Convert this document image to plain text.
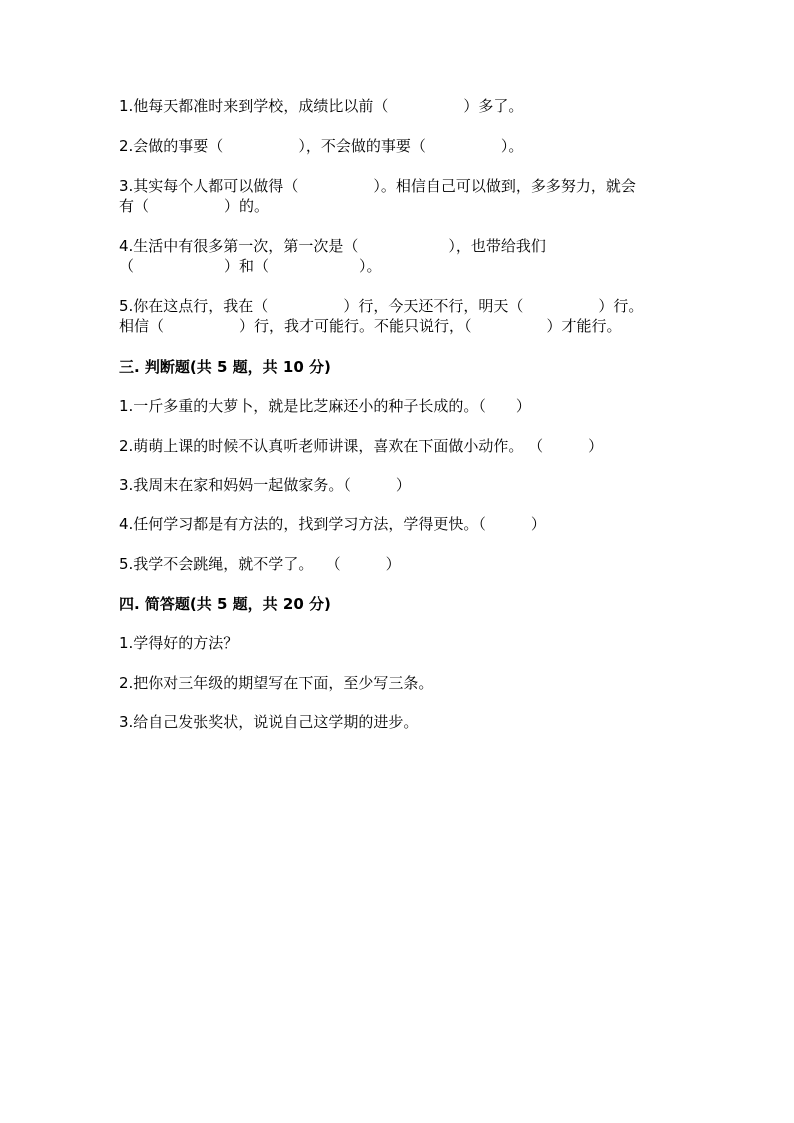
1.他每天都准时来到学校，成绩比以前（　　　　　）多了。
2.会做的事要（　　　　　），不会做的事要（　　　　　）。
3.其实每个人都可以做得（　　　　　）。相信自己可以做到，多多努力，就会
有（　　　　　）的。
4.生活中有很多第一次，第一次是（　　　　　　），也带给我们
（　　　　　　）和（　　　　　　）。
5.你在这点行，我在（　　　　　）行，今天还不行，明天（　　　　　）行。
相信（　　　　　）行，我才可能行。不能只说行，（　　　　　）才能行。
三. 判断题(共 5 题，共 10 分)
1.一斤多重的大萝卜，就是比芝麻还小的种子长成的。（　　）
2.萌萌上课的时候不认真听老师讲课，喜欢在下面做小动作。 （　　　）
3.我周末在家和妈妈一起做家务。（　　　）
4.任何学习都是有方法的，找到学习方法，学得更快。（　　　）
5.我学不会跳绳，就不学了。　 （　　　）
四. 简答题(共 5 题，共 20 分)
1.学得好的方法？
2.把你对三年级的期望写在下面，至少写三条。
3.给自己发张奖状，说说自己这学期的进步。
